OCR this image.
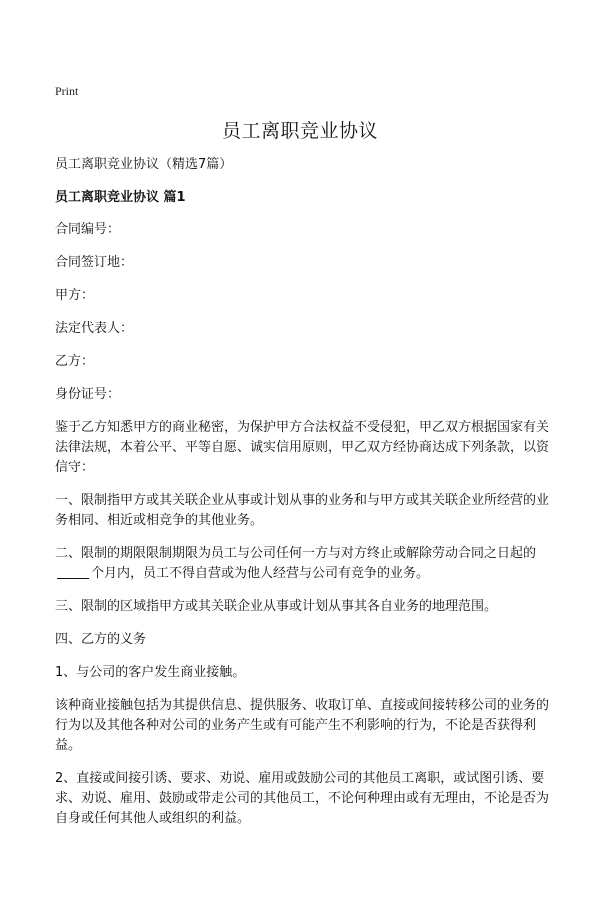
Print
员工离职竞业协议

员工离职竞业协议（精选7篇）

员工离职竞业协议 篇1

合同编号：

合同签订地：

甲方：

法定代表人：

乙方：

身份证号：

鉴于乙方知悉甲方的商业秘密，为保护甲方合法权益不受侵犯，甲乙双方根据国家有关法律法规，本着公平、平等自愿、诚实信用原则，甲乙双方经协商达成下列条款，以资信守：

一、限制指甲方或其关联企业从事或计划从事的业务和与甲方或其关联企业所经营的业务相同、相近或相竞争的其他业务。

二、限制的期限限制期限为员工与公司任何一方与对方终止或解除劳动合同之日起的个月内，员工不得自营或为他人经营与公司有竞争的业务。

三、限制的区域指甲方或其关联企业从事或计划从事其各自业务的地理范围。

四、乙方的义务

1、与公司的客户发生商业接触。

该种商业接触包括为其提供信息、提供服务、收取订单、直接或间接转移公司的业务的行为以及其他各种对公司的业务产生或有可能产生不利影响的行为，不论是否获得利益。

2、直接或间接引诱、要求、劝说、雇用或鼓励公司的其他员工离职，或试图引诱、要求、劝说、雇用、鼓励或带走公司的其他员工，不论何种理由或有无理由，不论是否为自身或任何其他人或组织的利益。
